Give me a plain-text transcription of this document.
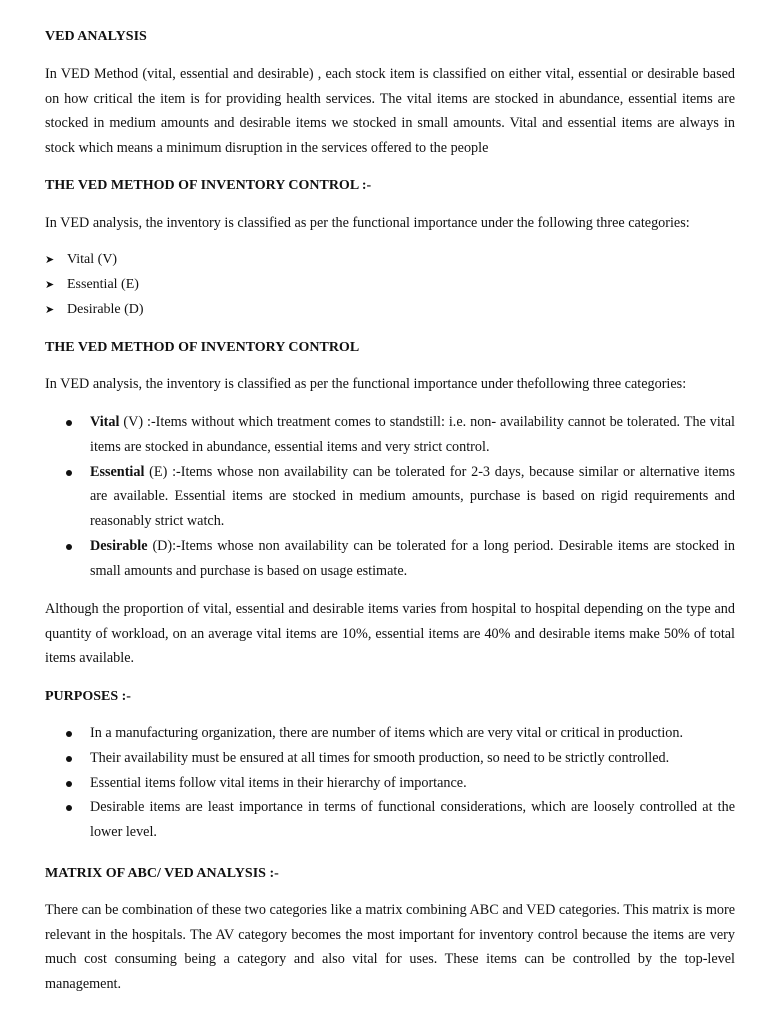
VED ANALYSIS

In VED Method (vital, essential and desirable) , each stock item is classified on either vital, essential or desirable based on how critical the item is for providing health services. The vital items are stocked in abundance, essential items are stocked in medium amounts and desirable items we stocked in small amounts. Vital and essential items are always in stock which means a minimum disruption in the services offered to the people

THE VED METHOD OF INVENTORY CONTROL :-

In VED analysis, the inventory is classified as per the functional importance under the following three categories:

➤ Vital (V)
➤ Essential (E)
➤ Desirable (D)
THE VED METHOD OF INVENTORY CONTROL

In VED analysis, the inventory is classified as per the functional importance under thefollowing three categories:

Vital (V) :-Items without which treatment comes to standstill: i.e. non- availability cannot be tolerated. The vital items are stocked in abundance, essential items and very strict control.
Essential (E) :-Items whose non availability can be tolerated for 2-3 days, because similar or alternative items are available. Essential items are stocked in medium amounts, purchase is based on rigid requirements and reasonably strict watch.
Desirable (D):-Items whose non availability can be tolerated for a long period. Desirable items are stocked in small amounts and purchase is based on usage estimate.

Although the proportion of vital, essential and desirable items varies from hospital to hospital depending on the type and quantity of workload, on an average vital items are 10%, essential items are 40% and desirable items make 50% of total items available.

PURPOSES :-
In a manufacturing organization, there are number of items which are very vital or critical in production.
Their availability must be ensured at all times for smooth production, so need to be strictly controlled.
Essential items follow vital items in their hierarchy of importance.
Desirable items are least importance in terms of functional considerations, which are loosely controlled at the lower level.
MATRIX OF ABC/ VED ANALYSIS :-

There can be combination of these two categories like a matrix combining ABC and VED categories. This matrix is more relevant in the hospitals. The AV category becomes the most important for inventory control because the items are very much cost consuming being a category and also vital for uses. These items can be controlled by the top-level management.
